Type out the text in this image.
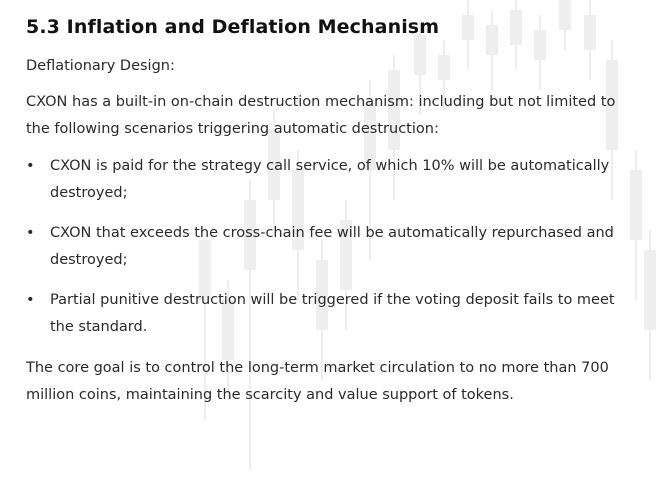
5.3 Inflation and Deflation Mechanism

Deflationary Design:

CXON has a built-in on-chain destruction mechanism: including but not limited to the following scenarios triggering automatic destruction:

•	CXON is paid for the strategy call service, of which 10% will be automatically destroyed;
•	CXON that exceeds the cross-chain fee will be automatically repurchased and destroyed;
•	Partial punitive destruction will be triggered if the voting deposit fails to meet the standard.

The core goal is to control the long-term market circulation to no more than 700 million coins, maintaining the scarcity and value support of tokens.
